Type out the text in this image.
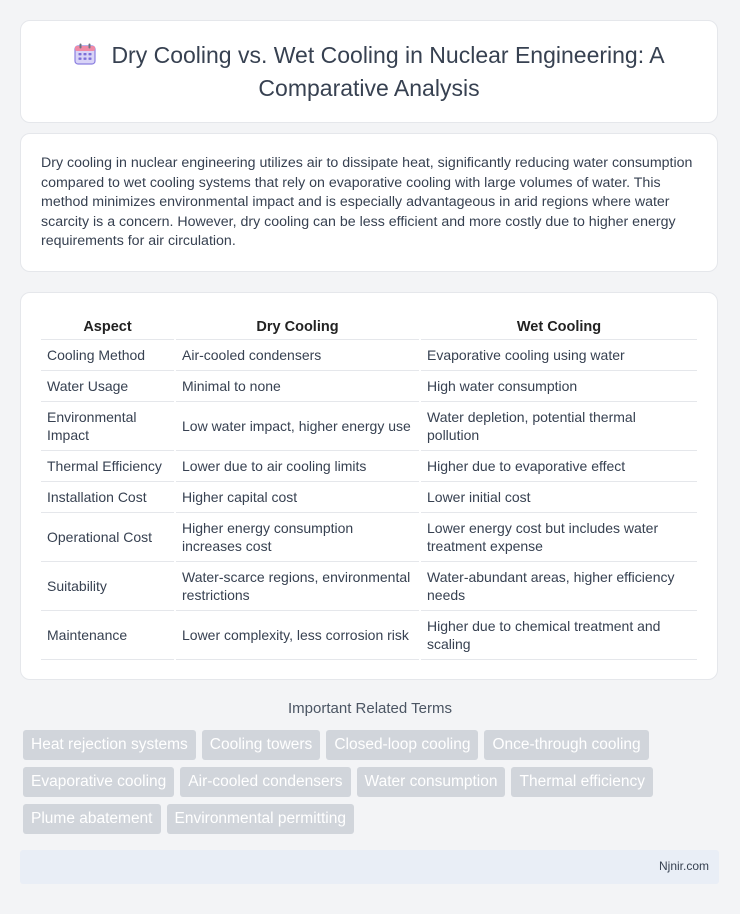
Dry Cooling vs. Wet Cooling in Nuclear Engineering: A Comparative Analysis

Dry cooling in nuclear engineering utilizes air to dissipate heat, significantly reducing water consumption compared to wet cooling systems that rely on evaporative cooling with large volumes of water. This method minimizes environmental impact and is especially advantageous in arid regions where water scarcity is a concern. However, dry cooling can be less efficient and more costly due to higher energy requirements for air circulation.

Aspect	Dry Cooling	Wet Cooling
Cooling Method	Air-cooled condensers	Evaporative cooling using water
Water Usage	Minimal to none	High water consumption
Environmental Impact	Low water impact, higher energy use	Water depletion, potential thermal pollution
Thermal Efficiency	Lower due to air cooling limits	Higher due to evaporative effect
Installation Cost	Higher capital cost	Lower initial cost
Operational Cost	Higher energy consumption increases cost	Lower energy cost but includes water treatment expense
Suitability	Water-scarce regions, environmental restrictions	Water-abundant areas, higher efficiency needs
Maintenance	Lower complexity, less corrosion risk	Higher due to chemical treatment and scaling
Important Related Terms
Heat rejection systems	Cooling towers	Closed-loop cooling	Once-through cooling
Evaporative cooling	Air-cooled condensers	Water consumption	Thermal efficiency
Plume abatement	Environmental permitting
Njnir.com
